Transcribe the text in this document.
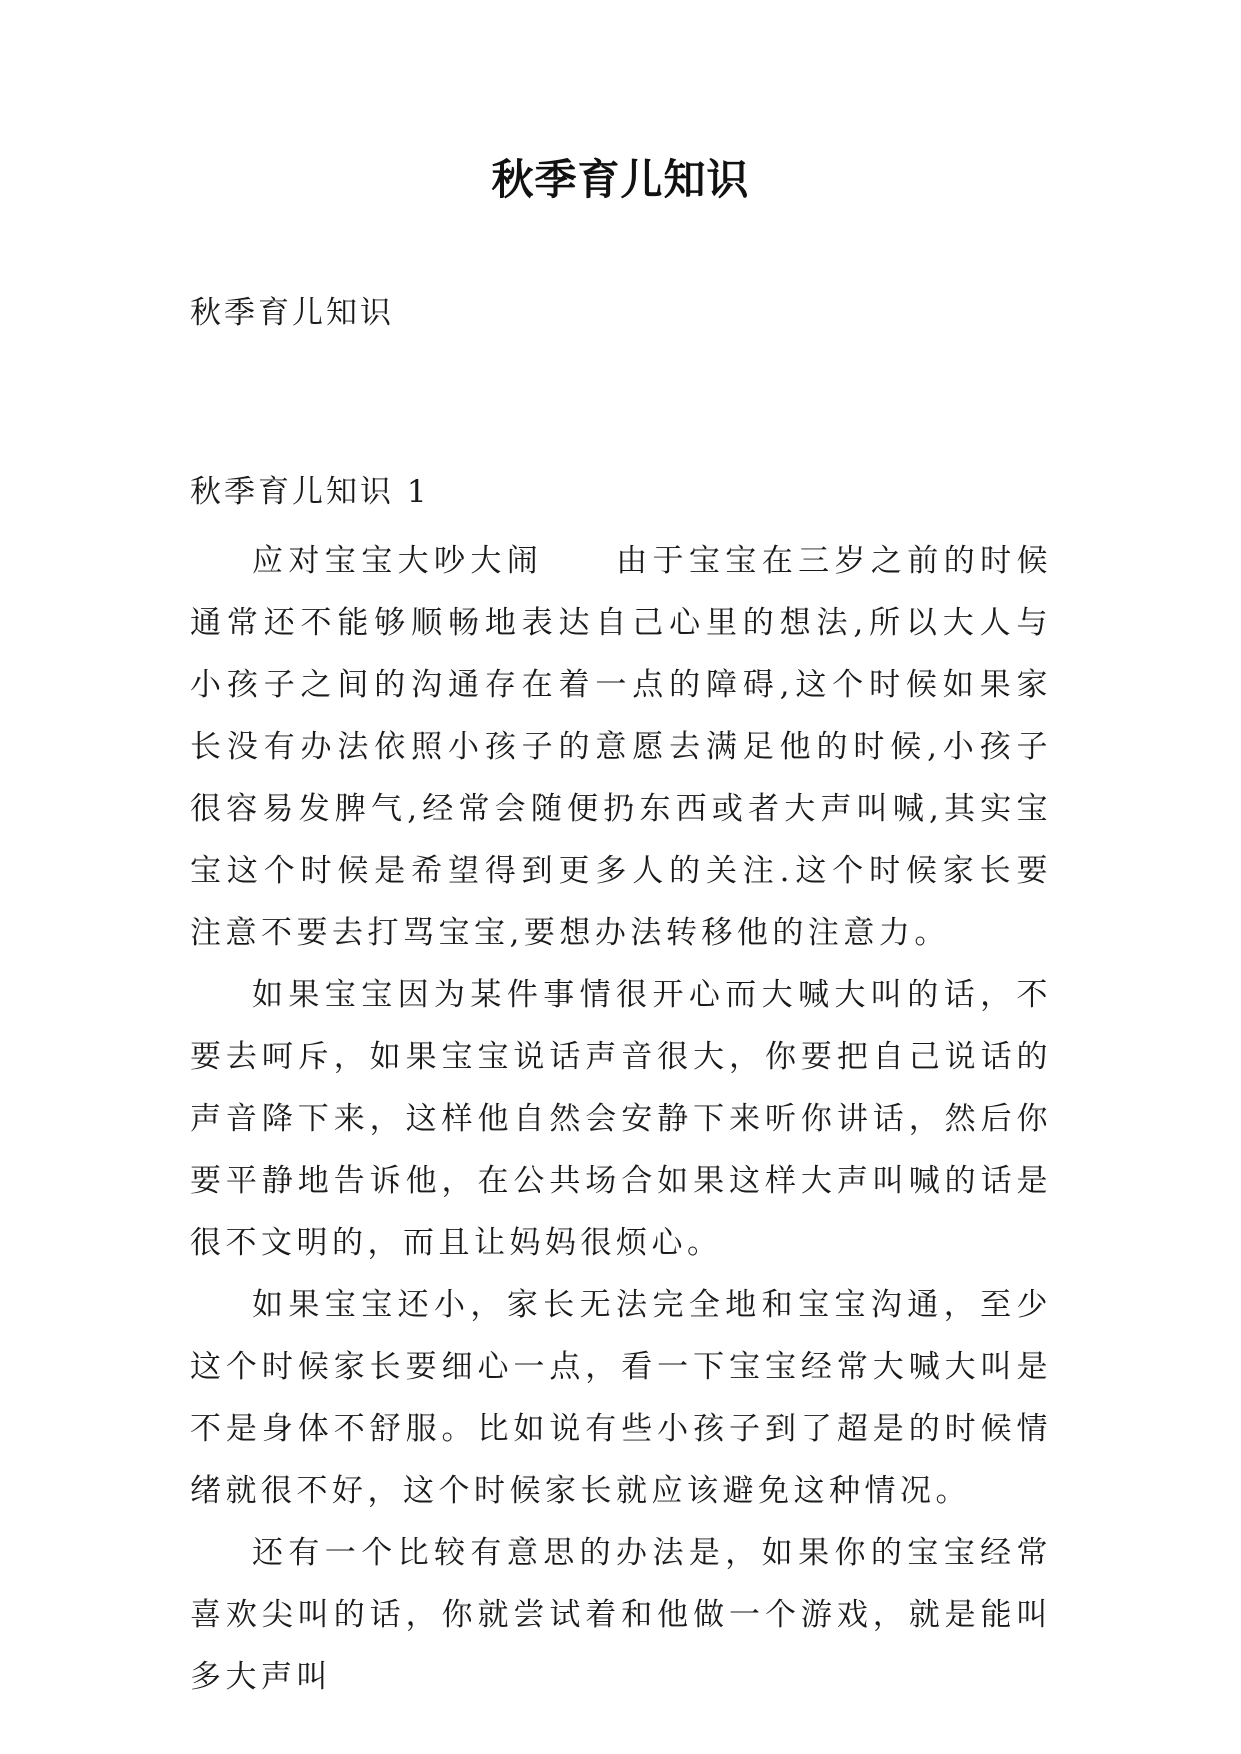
秋季育儿知识
秋季育儿知识
秋季育儿知识 1

应对宝宝大吵大闹 由于宝宝在三岁之前的时候通常还不能够顺畅地表达自己心里的想法,所以大人与小孩子之间的沟通存在着一点的障碍,这个时候如果家长没有办法依照小孩子的意愿去满足他的时候,小孩子很容易发脾气,经常会随便扔东西或者大声叫喊,其实宝宝这个时候是希望得到更多人的关注.这个时候家长要注意不要去打骂宝宝,要想办法转移他的注意力。

如果宝宝因为某件事情很开心而大喊大叫的话，不要去呵斥，如果宝宝说话声音很大，你要把自己说话的声音降下来，这样他自然会安静下来听你讲话，然后你要平静地告诉他，在公共场合如果这样大声叫喊的话是很不文明的，而且让妈妈很烦心。

如果宝宝还小，家长无法完全地和宝宝沟通，至少这个时候家长要细心一点，看一下宝宝经常大喊大叫是不是身体不舒服。比如说有些小孩子到了超是的时候情绪就很不好，这个时候家长就应该避免这种情况。

还有一个比较有意思的办法是，如果你的宝宝经常喜欢尖叫的话，你就尝试着和他做一个游戏，就是能叫多大声叫
